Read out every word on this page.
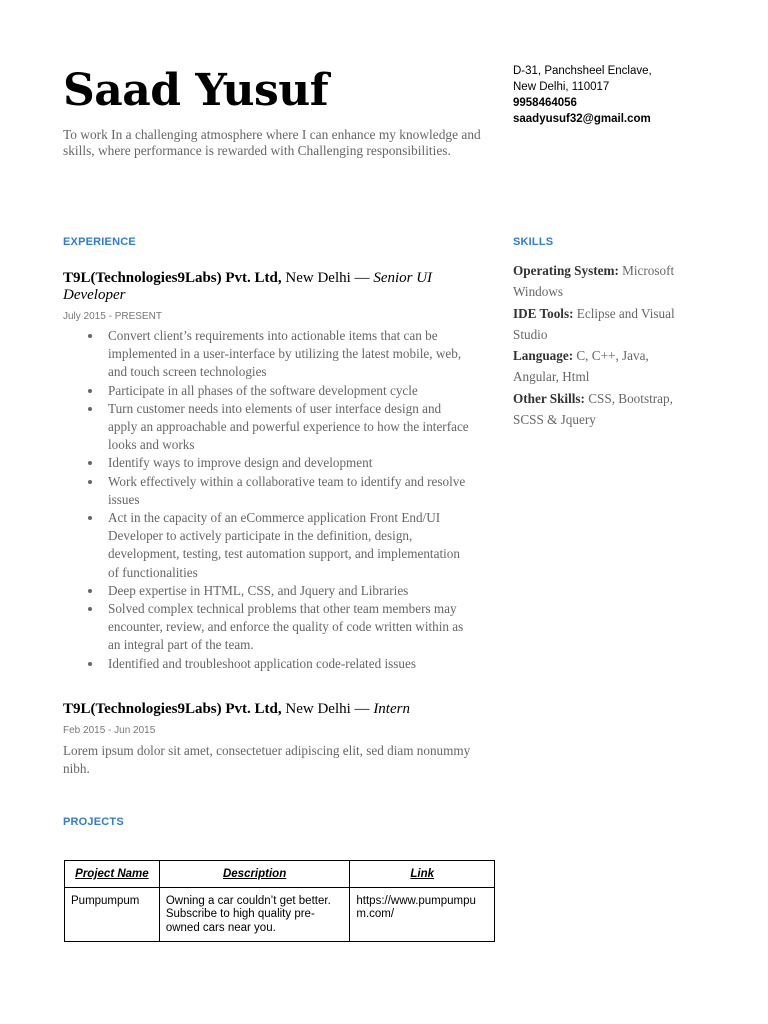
Saad Yusuf
To work In a challenging atmosphere where I can enhance my knowledge and skills, where performance is rewarded with Challenging responsibilities.
D-31, Panchsheel Enclave,
New Delhi, 110017
9958464056
saadyusuf32@gmail.com
EXPERIENCE
T9L(Technologies9Labs) Pvt. Ltd, New Delhi — Senior UI Developer
July 2015 - PRESENT
Convert client’s requirements into actionable items that can be implemented in a user-interface by utilizing the latest mobile, web, and touch screen technologies
Participate in all phases of the software development cycle
Turn customer needs into elements of user interface design and apply an approachable and powerful experience to how the interface looks and works
Identify ways to improve design and development
Work effectively within a collaborative team to identify and resolve issues
Act in the capacity of an eCommerce application Front End/UI Developer to actively participate in the definition, design, development, testing, test automation support, and implementation of functionalities
Deep expertise in HTML, CSS, and Jquery and Libraries
Solved complex technical problems that other team members may encounter, review, and enforce the quality of code written within as an integral part of the team.
Identified and troubleshoot application code-related issues
T9L(Technologies9Labs) Pvt. Ltd, New Delhi — Intern
Feb 2015 - Jun 2015
Lorem ipsum dolor sit amet, consectetuer adipiscing elit, sed diam nonummy nibh.
SKILLS
Operating System: Microsoft Windows
IDE Tools: Eclipse and Visual Studio
Language: C, C++, Java, Angular, Html
Other Skills: CSS, Bootstrap, SCSS & Jquery
PROJECTS
Project Name	Description	Link
Pumpumpum	Owning a car couldn’t get better. Subscribe to high quality pre-owned cars near you.	https://www.pumpumpum.com/
